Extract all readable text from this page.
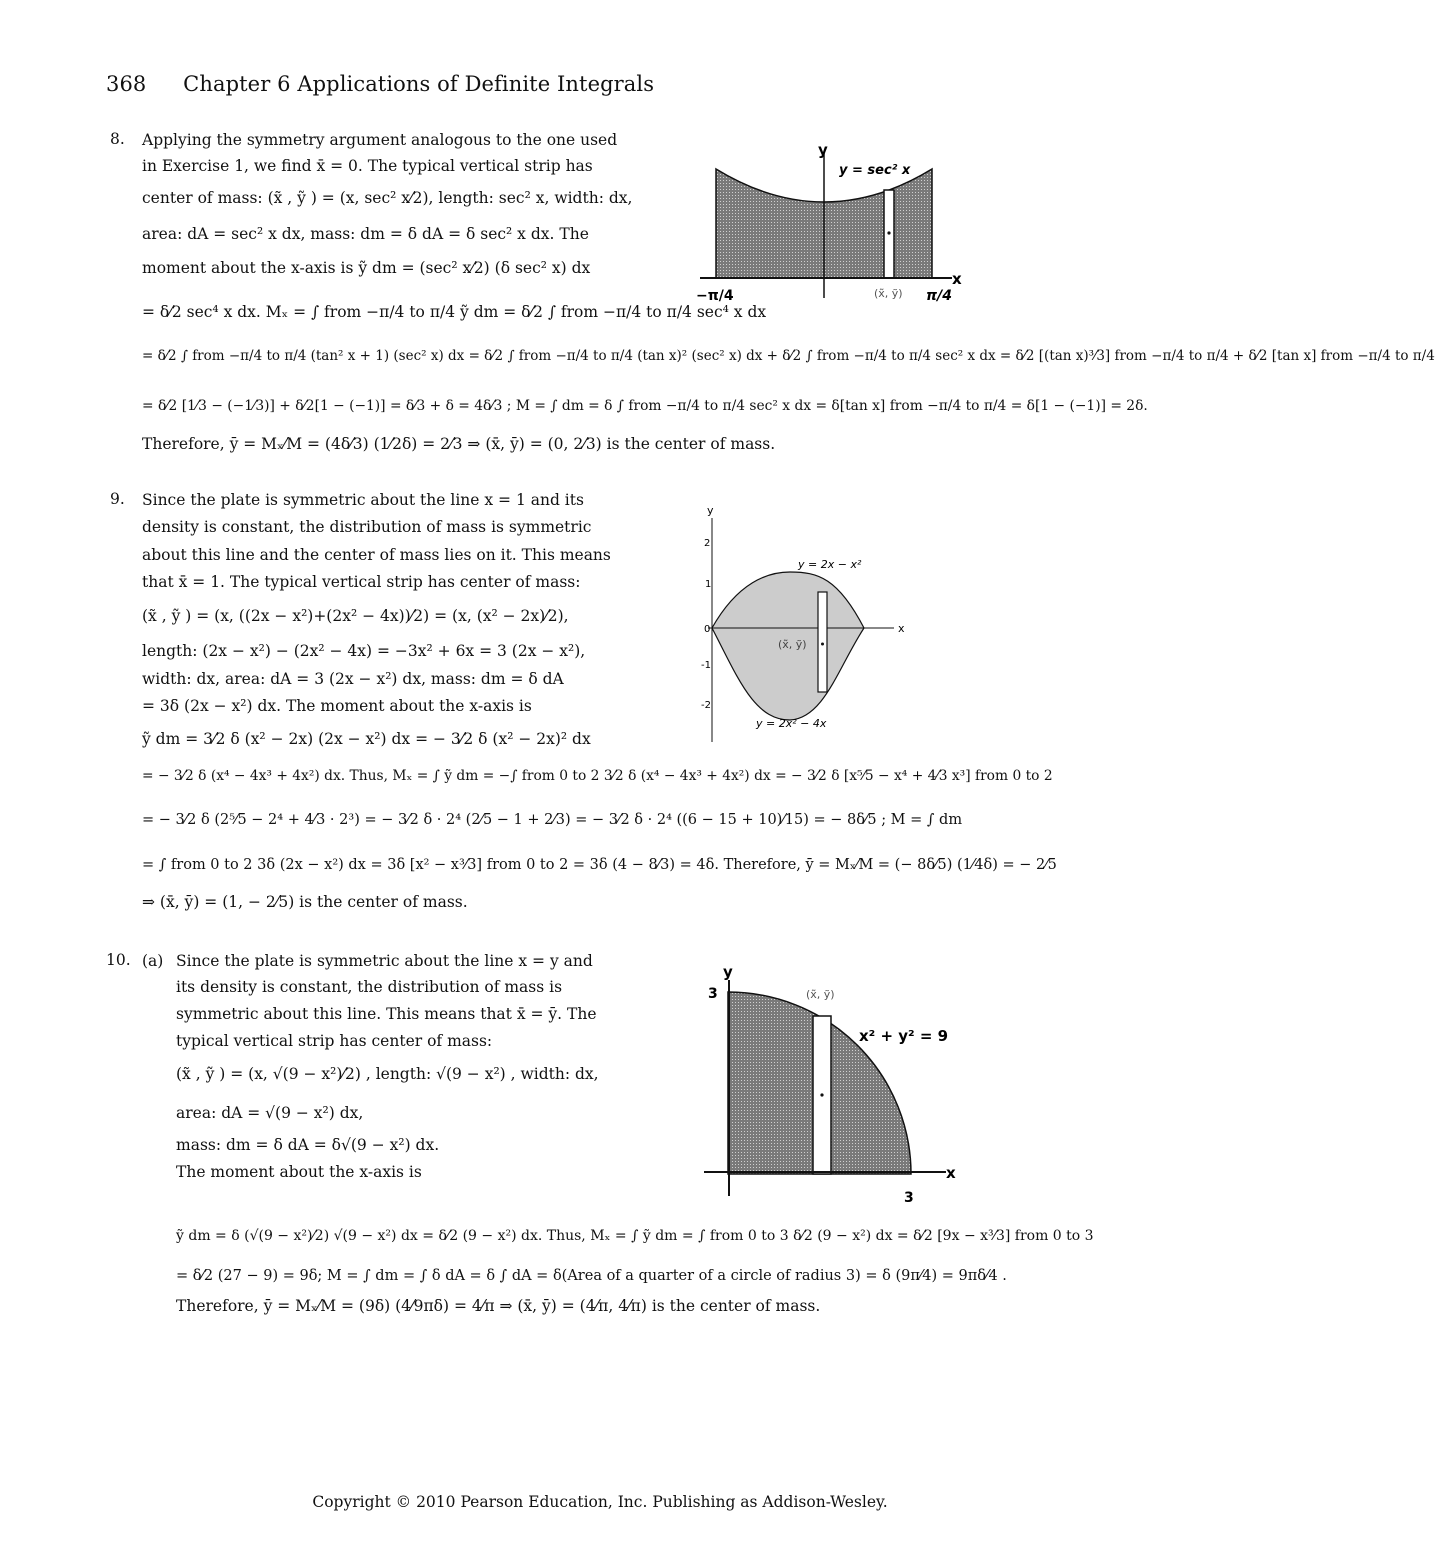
368 Chapter 6 Applications of Definite Integrals
8. Applying the symmetry argument analogous to the one used
in Exercise 1, we find x̄ = 0. The typical vertical strip has
center of mass: (x̃ , ỹ ) = (x, sec² x⁄2), length: sec² x, width: dx,
area: dA = sec² x dx, mass: dm = δ dA = δ sec² x dx. The
moment about the x-axis is ỹ dm = (sec² x⁄2) (δ sec² x) dx
= δ⁄2 sec⁴ x dx. Mₓ = ∫ from −π/4 to π/4 ỹ dm = δ⁄2 ∫ from −π/4 to π/4 sec⁴ x dx
= δ⁄2 ∫ from −π/4 to π/4 (tan² x + 1) (sec² x) dx = δ⁄2 ∫ from −π/4 to π/4 (tan x)² (sec² x) dx + δ⁄2 ∫ from −π/4 to π/4 sec² x dx = δ⁄2 [(tan x)³⁄3] from −π/4 to π/4 + δ⁄2 [tan x] from −π/4 to π/4
= δ⁄2 [1⁄3 − (−1⁄3)] + δ⁄2[1 − (−1)] = δ⁄3 + δ = 4δ⁄3 ; M = ∫ dm = δ ∫ from −π/4 to π/4 sec² x dx = δ[tan x] from −π/4 to π/4 = δ[1 − (−1)] = 2δ.
Therefore, ȳ = Mₓ⁄M = (4δ⁄3) (1⁄2δ) = 2⁄3 ⇒ (x̄, ȳ) = (0, 2⁄3) is the center of mass.
y
x
y = sec² x
−π/4	π/4
(x̃, ỹ)
9. Since the plate is symmetric about the line x = 1 and its
density is constant, the distribution of mass is symmetric
about this line and the center of mass lies on it. This means
that x̄ = 1. The typical vertical strip has center of mass:
(x̃ , ỹ ) = (x, ((2x − x²)+(2x² − 4x))⁄2) = (x, (x² − 2x)⁄2),
length: (2x − x²) − (2x² − 4x) = −3x² + 6x = 3 (2x − x²),
width: dx, area: dA = 3 (2x − x²) dx, mass: dm = δ dA
= 3δ (2x − x²) dx. The moment about the x-axis is
ỹ dm = 3⁄2 δ (x² − 2x) (2x − x²) dx = − 3⁄2 δ (x² − 2x)² dx
= − 3⁄2 δ (x⁴ − 4x³ + 4x²) dx. Thus, Mₓ = ∫ ỹ dm = −∫ from 0 to 2 3⁄2 δ (x⁴ − 4x³ + 4x²) dx = − 3⁄2 δ [x⁵⁄5 − x⁴ + 4⁄3 x³] from 0 to 2
= − 3⁄2 δ (2⁵⁄5 − 2⁴ + 4⁄3 · 2³) = − 3⁄2 δ · 2⁴ (2⁄5 − 1 + 2⁄3) = − 3⁄2 δ · 2⁴ ((6 − 15 + 10)⁄15) = − 8δ⁄5 ; M = ∫ dm
= ∫ from 0 to 2 3δ (2x − x²) dx = 3δ [x² − x³⁄3] from 0 to 2 = 3δ (4 − 8⁄3) = 4δ. Therefore, ȳ = Mₓ⁄M = (− 8δ⁄5) (1⁄4δ) = − 2⁄5
⇒ (x̄, ȳ) = (1, − 2⁄5) is the center of mass.
y
x
2
1
0
-1
-2
y = 2x − x²
y = 2x² − 4x
(x̃, ỹ)
10. (a) Since the plate is symmetric about the line x = y and
its density is constant, the distribution of mass is
symmetric about this line. This means that x̄ = ȳ. The
typical vertical strip has center of mass:
(x̃ , ỹ ) = (x, √(9 − x²)⁄2) , length: √(9 − x²) , width: dx,
area: dA = √(9 − x²) dx,
mass: dm = δ dA = δ√(9 − x²) dx.
The moment about the x-axis is
ỹ dm = δ (√(9 − x²)⁄2) √(9 − x²) dx = δ⁄2 (9 − x²) dx. Thus, Mₓ = ∫ ỹ dm = ∫ from 0 to 3 δ⁄2 (9 − x²) dx = δ⁄2 [9x − x³⁄3] from 0 to 3
= δ⁄2 (27 − 9) = 9δ; M = ∫ dm = ∫ δ dA = δ ∫ dA = δ(Area of a quarter of a circle of radius 3) = δ (9π⁄4) = 9πδ⁄4 .
Therefore, ȳ = Mₓ⁄M = (9δ) (4⁄9πδ) = 4⁄π ⇒ (x̄, ȳ) = (4⁄π, 4⁄π) is the center of mass.
y
x
3
3
x² + y² = 9
(x̃, ỹ)
Copyright © 2010 Pearson Education, Inc. Publishing as Addison-Wesley.
